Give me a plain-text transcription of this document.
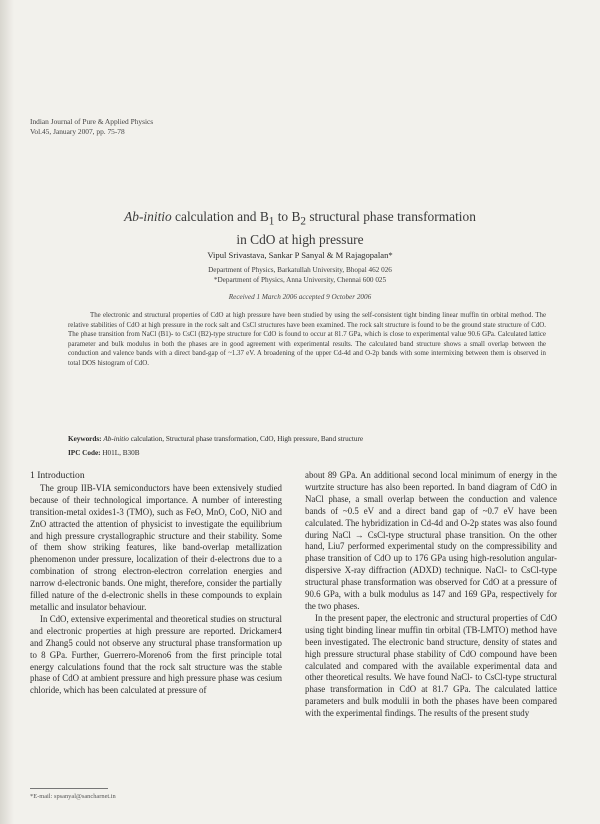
Indian Journal of Pure & Applied Physics
Vol.45, January 2007, pp. 75-78
Ab-initio calculation and $B_1$ to $B_2$ structural phase transformation
in CdO at high pressure
Vipul Srivastava, Sankar P Sanyal & M Rajagopalan*
Department of Physics, Barkatullah University, Bhopal 462 026
*Department of Physics, Anna University, Chennai 600 025
Received 1 March 2006 accepted 9 October 2006
The electronic and structural properties of CdO at high pressure have been studied by using the self-consistent tight binding linear muffin tin orbital method. The relative stabilities of CdO at high pressure in the rock salt and CsCl structures have been examined. The rock salt structure is found to be the ground state structure of CdO. The phase transition from NaCl (B1)- to CsCl (B2)-type structure for CdO is found to occur at 81.7 GPa, which is close to experimental value 90.6 GPa. Calculated lattice parameter and bulk modulus in both the phases are in good agreement with experimental results. The calculated band structure shows a small overlap between the conduction and valence bands with a direct band-gap of ~1.37 eV. A broadening of the upper Cd-4d and O-2p bands with some intermixing between them is observed in total DOS histogram of CdO.
Keywords: Ab-initio calculation, Structural phase transformation, CdO, High pressure, Band structure
IPC Code: H01L, B30B
1 Introduction

The group IIB-VIA semiconductors have been extensively studied because of their technological importance. A number of interesting transition-metal oxides1-3 (TMO), such as FeO, MnO, CoO, NiO and ZnO attracted the attention of physicist to investigate the equilibrium and high pressure crystallographic structure and their stability. Some of them show striking features, like band-overlap metallization phenomenon under pressure, localization of their d-electrons due to a combination of strong electron-electron correlation energies and narrow d-electronic bands. One might, therefore, consider the partially filled nature of the d-electronic shells in these compounds to explain metallic and insulator behaviour.

In CdO, extensive experimental and theoretical studies on structural and electronic properties at high pressure are reported. Drickamer4 and Zhang5 could not observe any structural phase transformation up to 8 GPa. Further, Guerrero-Moreno6 from the first principle total energy calculations found that the rock salt structure was the stable phase of CdO at ambient pressure and high pressure phase was cesium chloride, which has been calculated at pressure of

about 89 GPa. An additional second local minimum of energy in the wurtzite structure has also been reported. In band diagram of CdO in NaCl phase, a small overlap between the conduction and valence bands of ~0.5 eV and a direct band gap of ~0.7 eV have been calculated. The hybridization in Cd-4d and O-2p states was also found during NaCl → CsCl-type structural phase transition. On the other hand, Liu7 performed experimental study on the compressibility and phase transition of CdO up to 176 GPa using high-resolution angular-dispersive X-ray diffraction (ADXD) technique. NaCl- to CsCl-type structural phase transformation was observed for CdO at a pressure of 90.6 GPa, with a bulk modulus as 147 and 169 GPa, respectively for the two phases.

In the present paper, the electronic and structural properties of CdO using tight binding linear muffin tin orbital (TB-LMTO) method have been investigated. The electronic band structure, density of states and high pressure structural phase stability of CdO compound have been calculated and compared with the available experimental data and other theoretical results. We have found NaCl- to CsCl-type structural phase transformation in CdO at 81.7 GPa. The calculated lattice parameters and bulk modulii in both the phases have been compared with the experimental findings. The results of the present study

*E-mail: spsanyal@sancharnet.in
